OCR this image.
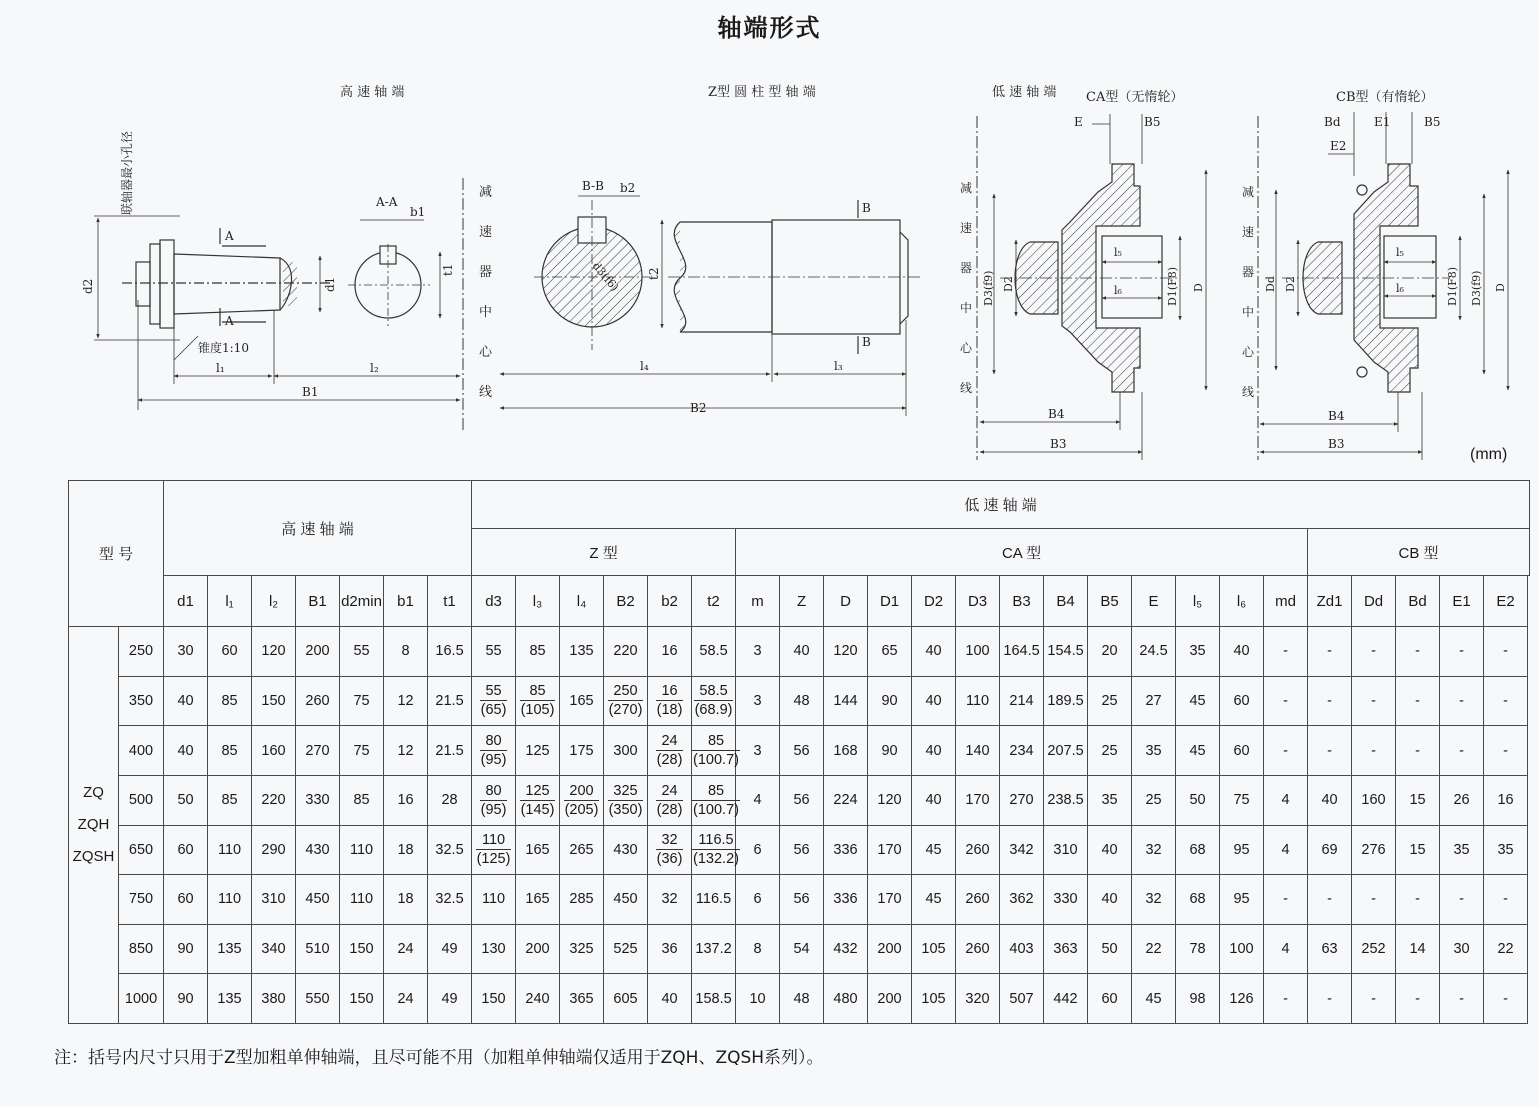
轴端形式
高 速 轴 端
联轴器最小孔径
A
A
d2	d1
锥度1:10
A-A
b1
t1
l₁	l₂
B1
减
速
器
中
心
线
Z型 圆 柱 型 轴 端
B-B b2
d3(f6) t2
B
B
l₄	l₃
B2
低 速 轴 端 CA型（无惰轮）
减
速
器
中
心
线
E	B5
D3(f9) D2
l₅
l₆	D1(F8) D
B4
B3
CB型（有惰轮）
减
速
器
中
心
线
Bd	E1	B5
E2
Dd D2
l₅
l₆	D1(F8) D3(f9) D
B4
B3
(mm)
型 号		高 速 轴 端							低 速 轴 端																							
									Z 型						CA 型													CB 型				
		d1	l₁	l₂	B1	d2min	b1	t1	d3	l₃	l₄	B2	b2	t2	m	Z	D	D1	D2	D3	B3	B4	B5	E	l₅	l₆	md	Zd1	Dd	Bd	E1	E2

ZQ
ZQH
ZQSH	250	30	60	120	200	55	8	16.5	55	85	135	220	16	58.5	3	40	120	65	40	100	164.5	154.5	20	24.5	35	40	-	-	-	-	-	-
	350	40	85	150	260	75	12	21.5	$\frac{55}{(65)}$	$\frac{85}{(105)}$	165	$\frac{250}{(270)}$	$\frac{16}{(18)}$	$\frac{58.5}{(68.9)}$	3	48	144	90	40	110	214	189.5	25	27	45	60	-	-	-	-	-	-
	400	40	85	160	270	75	12	21.5	$\frac{80}{(95)}$	125	175	300	$\frac{24}{(28)}$	$\frac{85}{(100.7)}$	3	56	168	90	40	140	234	207.5	25	35	45	60	-	-	-	-	-	-
	500	50	85	220	330	85	16	28	$\frac{80}{(95)}$	$\frac{125}{(145)}$	$\frac{200}{(205)}$	$\frac{325}{(350)}$	$\frac{24}{(28)}$	$\frac{85}{(100.7)}$	4	56	224	120	40	170	270	238.5	35	25	50	75	4	40	160	15	26	16
	650	60	110	290	430	110	18	32.5	$\frac{110}{(125)}$	165	265	430	$\frac{32}{(36)}$	$\frac{116.5}{(132.2)}$	6	56	336	170	45	260	342	310	40	32	68	95	4	69	276	15	35	35
	750	60	110	310	450	110	18	32.5	110	165	285	450	32	116.5	6	56	336	170	45	260	362	330	40	32	68	95	-	-	-	-	-	-
	850	90	135	340	510	150	24	49	130	200	325	525	36	137.2	8	54	432	200	105	260	403	363	50	22	78	100	4	63	252	14	30	22
	1000	90	135	380	550	150	24	49	150	240	365	605	40	158.5	10	48	480	200	105	320	507	442	60	45	98	126	-	-	-	-	-	-
注：括号内尺寸只用于Z型加粗单伸轴端，且尽可能不用（加粗单伸轴端仅适用于ZQH、ZQSH系列）。
